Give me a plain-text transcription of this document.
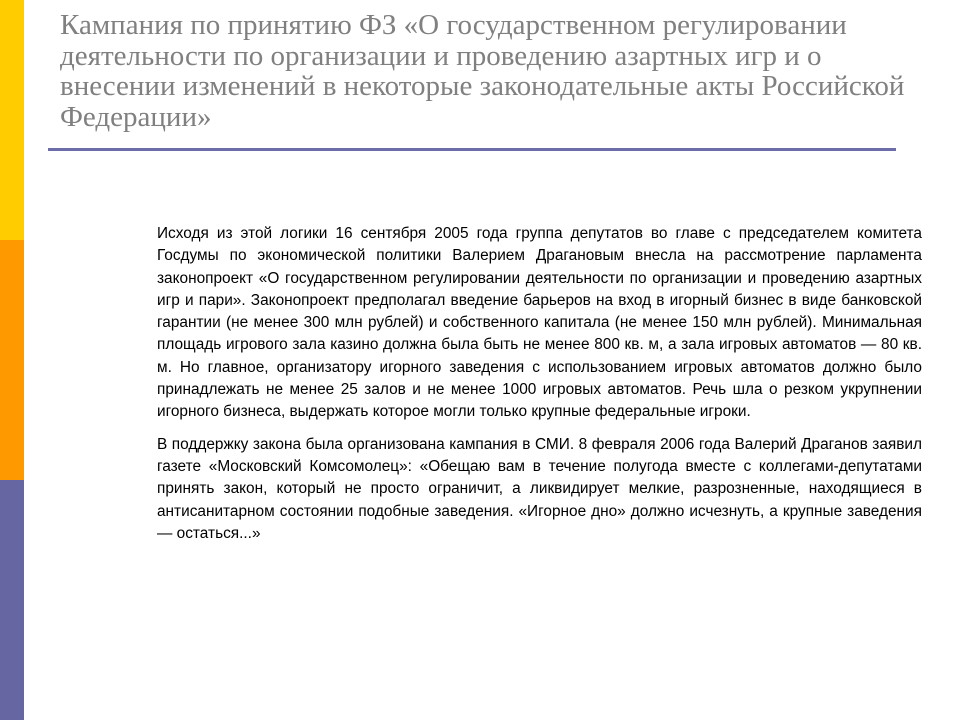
Кампания по принятию ФЗ «О государственном регулировании деятельности по организации и проведению азартных игр и о внесении изменений в некоторые законодательные акты Российской Федерации»

Исходя из этой логики 16 сентября 2005 года группа депутатов во главе с председателем комитета Госдумы по экономической политики Валерием Драгановым внесла на рассмотрение парламента законопроект «О государственном регулировании деятельности по организации и проведению азартных игр и пари». Законопроект предполагал введение барьеров на вход в игорный бизнес в виде банковской гарантии (не менее 300 млн рублей) и собственного капитала (не менее 150 млн рублей). Минимальная площадь игрового зала казино должна была быть не менее 800 кв. м, а зала игровых автоматов — 80 кв. м. Но главное, организатору игорного заведения с использованием игровых автоматов должно было принадлежать не менее 25 залов и не менее 1000 игровых автоматов. Речь шла о резком укрупнении игорного бизнеса, выдержать которое могли только крупные федеральные игроки.

В поддержку закона была организована кампания в СМИ. 8 февраля 2006 года Валерий Драганов заявил газете «Московский Комсомолец»: «Обещаю вам в течение полугода вместе с коллегами-депутатами принять закон, который не просто ограничит, а ликвидирует мелкие, разрозненные, находящиеся в антисанитарном состоянии подобные заведения. «Игорное дно» должно исчезнуть, а крупные заведения — остаться...»
